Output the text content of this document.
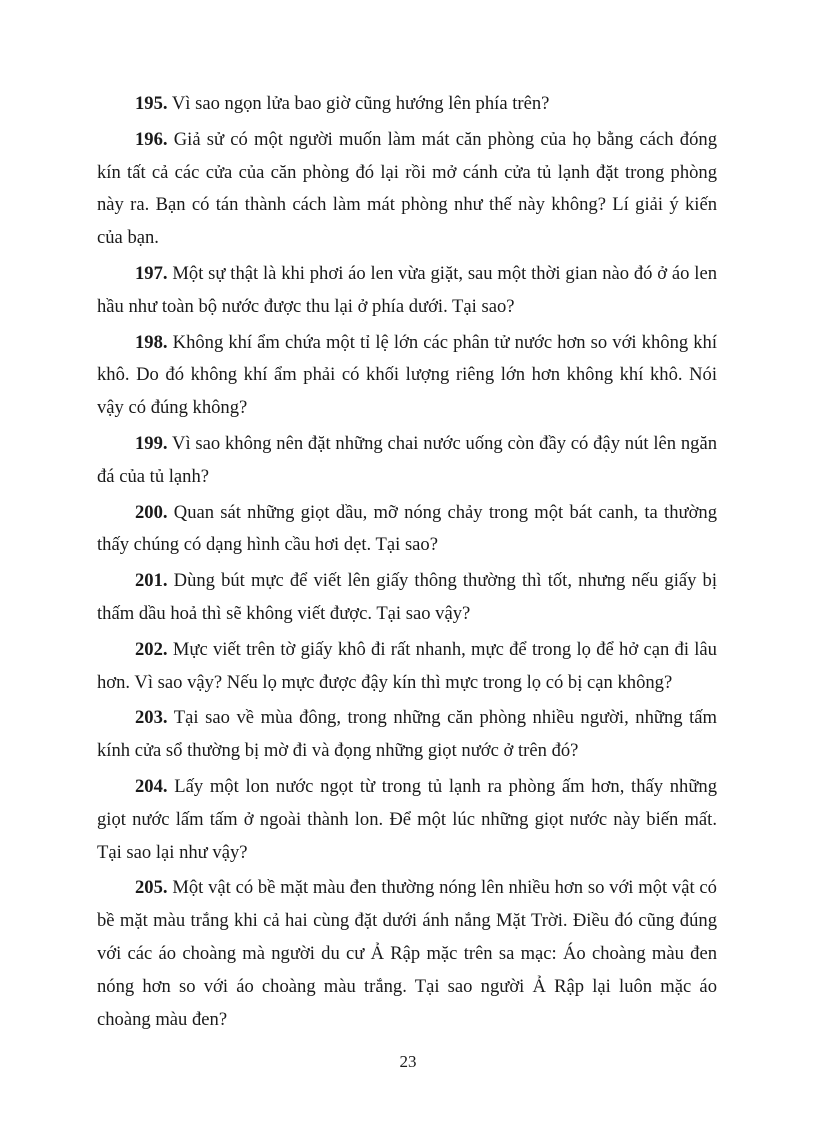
195. Vì sao ngọn lửa bao giờ cũng hướng lên phía trên?

196. Giả sử có một người muốn làm mát căn phòng của họ bằng cách đóng kín tất cả các cửa của căn phòng đó lại rồi mở cánh cửa tủ lạnh đặt trong phòng này ra. Bạn có tán thành cách làm mát phòng như thế này không? Lí giải ý kiến của bạn.

197. Một sự thật là khi phơi áo len vừa giặt, sau một thời gian nào đó ở áo len hầu như toàn bộ nước được thu lại ở phía dưới. Tại sao?

198. Không khí ẩm chứa một tỉ lệ lớn các phân tử nước hơn so với không khí khô. Do đó không khí ẩm phải có khối lượng riêng lớn hơn không khí khô. Nói vậy có đúng không?

199. Vì sao không nên đặt những chai nước uống còn đầy có đậy nút lên ngăn đá của tủ lạnh?

200. Quan sát những giọt dầu, mỡ nóng chảy trong một bát canh, ta thường thấy chúng có dạng hình cầu hơi dẹt. Tại sao?

201. Dùng bút mực để viết lên giấy thông thường thì tốt, nhưng nếu giấy bị thấm dầu hoả thì sẽ không viết được. Tại sao vậy?

202. Mực viết trên tờ giấy khô đi rất nhanh, mực để trong lọ để hở cạn đi lâu hơn. Vì sao vậy? Nếu lọ mực được đậy kín thì mực trong lọ có bị cạn không?

203. Tại sao về mùa đông, trong những căn phòng nhiều người, những tấm kính cửa sổ thường bị mờ đi và đọng những giọt nước ở trên đó?

204. Lấy một lon nước ngọt từ trong tủ lạnh ra phòng ấm hơn, thấy những giọt nước lấm tấm ở ngoài thành lon. Để một lúc những giọt nước này biến mất. Tại sao lại như vậy?

205. Một vật có bề mặt màu đen thường nóng lên nhiều hơn so với một vật có bề mặt màu trắng khi cả hai cùng đặt dưới ánh nắng Mặt Trời. Điều đó cũng đúng với các áo choàng mà người du cư Ả Rập mặc trên sa mạc: Áo choàng màu đen nóng hơn so với áo choàng màu trắng. Tại sao người Ả Rập lại luôn mặc áo choàng màu đen?

23
